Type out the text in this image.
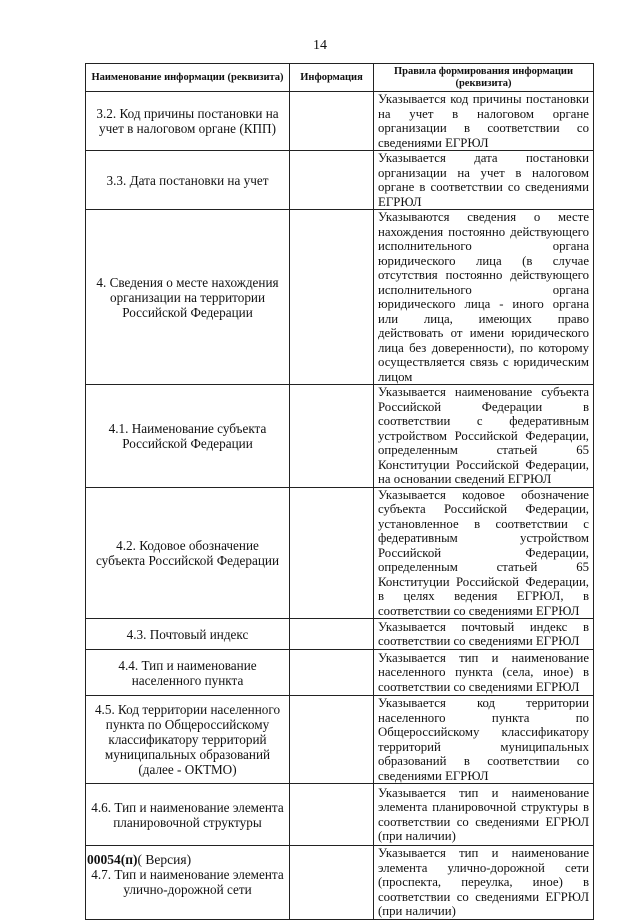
14
Наименование информации (реквизита)	Информация	Правила формирования информации (реквизита)
3.2. Код причины постановки на учет в налоговом органе (КПП)		Указывается код причины постановки на учет в налоговом органе организации в соответствии со сведениями ЕГРЮЛ
3.3. Дата постановки на учет		Указывается дата постановки организации на учет в налоговом органе в соответствии со сведениями ЕГРЮЛ
4. Сведения о месте нахождения организации на территории Российской Федерации		Указываются сведения о месте нахождения постоянно действующего исполнительного органа юридического лица (в случае отсутствия постоянно действующего исполнительного органа юридического лица - иного органа или лица, имеющих право действовать от имени юридического лица без доверенности), по которому осуществляется связь с юридическим лицом
4.1. Наименование субъекта Российской Федерации		Указывается наименование субъекта Российской Федерации в соответствии с федеративным устройством Российской Федерации, определенным статьей 65 Конституции Российской Федерации, на основании сведений ЕГРЮЛ
4.2. Кодовое обозначение субъекта Российской Федерации		Указывается кодовое обозначение субъекта Российской Федерации, установленное в соответствии с федеративным устройством Российской Федерации, определенным статьей 65 Конституции Российской Федерации, в целях ведения ЕГРЮЛ, в соответствии со сведениями ЕГРЮЛ
4.3. Почтовый индекс		Указывается почтовый индекс в соответствии со сведениями ЕГРЮЛ
4.4. Тип и наименование населенного пункта		Указывается тип и наименование населенного пункта (села, иное) в соответствии со сведениями ЕГРЮЛ
4.5. Код территории населенного пункта по Общероссийскому классификатору территорий муниципальных образований (далее - ОКТМО)		Указывается код территории населенного пункта по Общероссийскому классификатору территорий муниципальных образований в соответствии со сведениями ЕГРЮЛ
4.6. Тип и наименование элемента планировочной структуры		Указывается тип и наименование элемента планировочной структуры в соответствии со сведениями ЕГРЮЛ (при наличии)
4.7. Тип и наименование элемента улично-дорожной сети		Указывается тип и наименование элемента улично-дорожной сети (проспекта, переулка, иное) в соответствии со сведениями ЕГРЮЛ (при наличии)
00054(п)( Версия)
